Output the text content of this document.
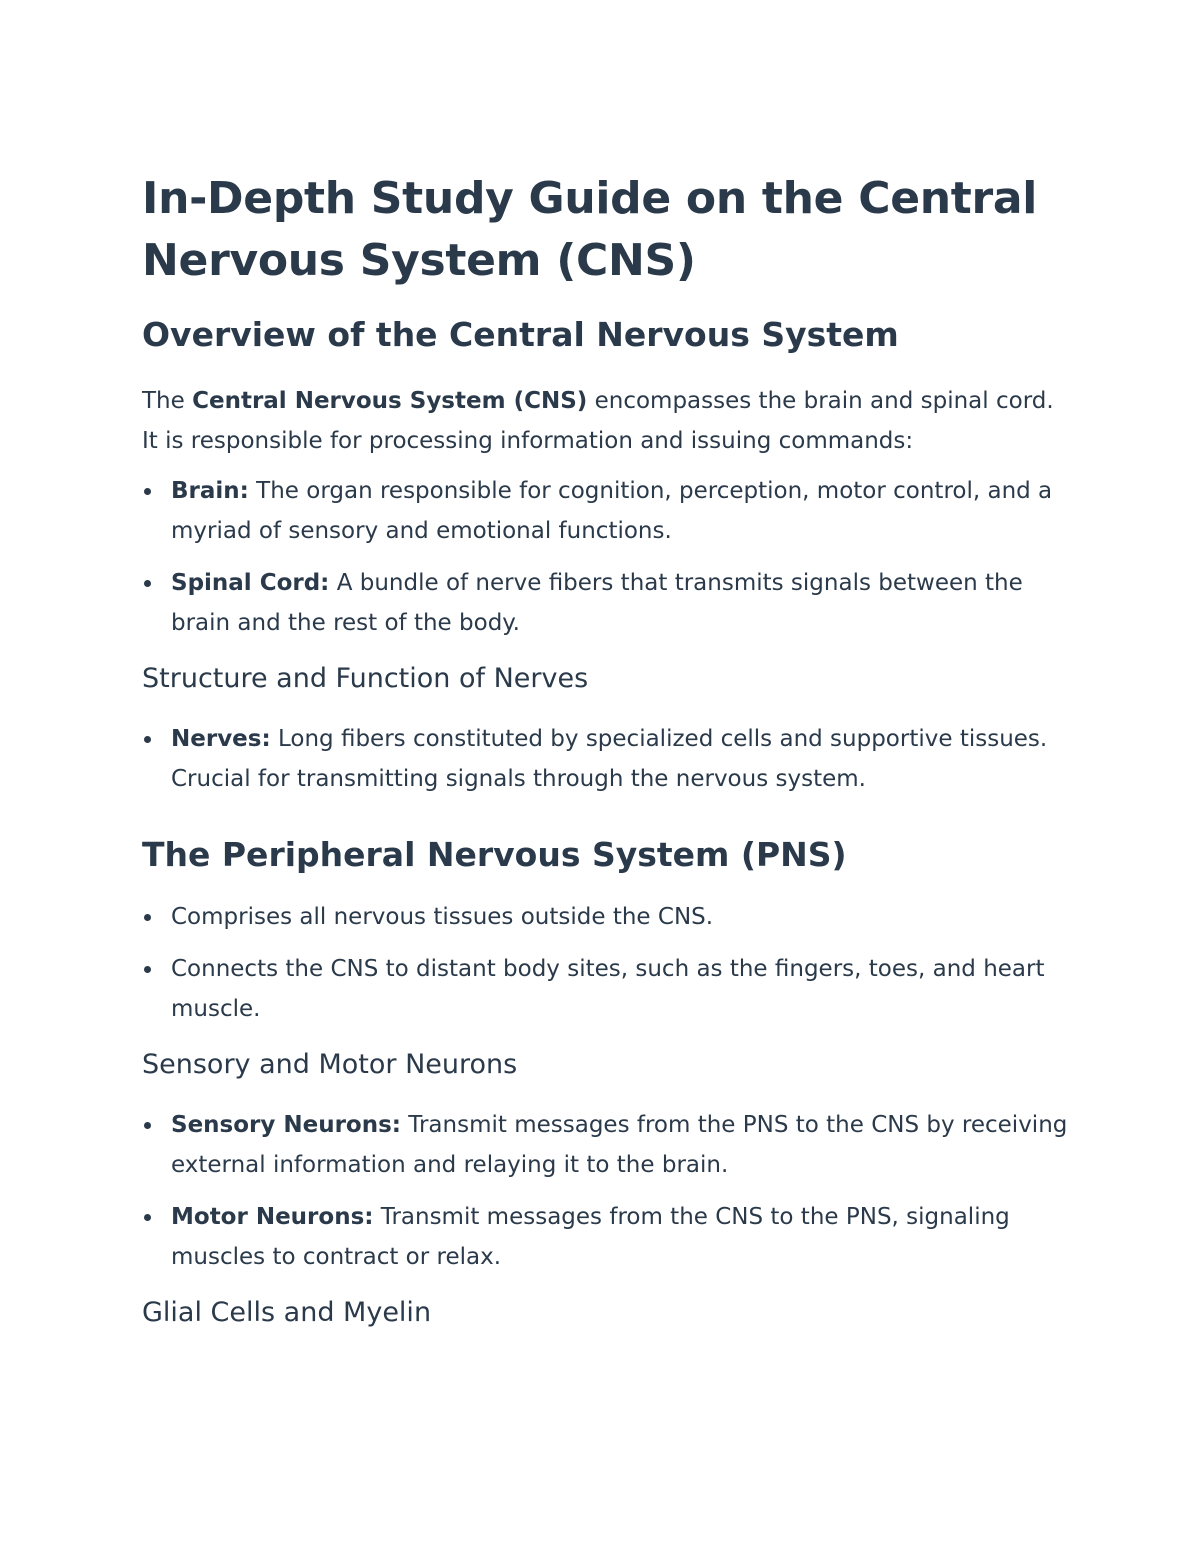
In-Depth Study Guide on the Central Nervous System (CNS)
Overview of the Central Nervous System

The Central Nervous System (CNS) encompasses the brain and spinal cord. It is responsible for processing information and issuing commands:

Brain: The organ responsible for cognition, perception, motor control, and a myriad of sensory and emotional functions.
Spinal Cord: A bundle of nerve fibers that transmits signals between the brain and the rest of the body.
Structure and Function of Nerves
Nerves: Long fibers constituted by specialized cells and supportive tissues. Crucial for transmitting signals through the nervous system.
The Peripheral Nervous System (PNS)
Comprises all nervous tissues outside the CNS.
Connects the CNS to distant body sites, such as the fingers, toes, and heart muscle.
Sensory and Motor Neurons
Sensory Neurons: Transmit messages from the PNS to the CNS by receiving external information and relaying it to the brain.
Motor Neurons: Transmit messages from the CNS to the PNS, signaling muscles to contract or relax.
Glial Cells and Myelin
